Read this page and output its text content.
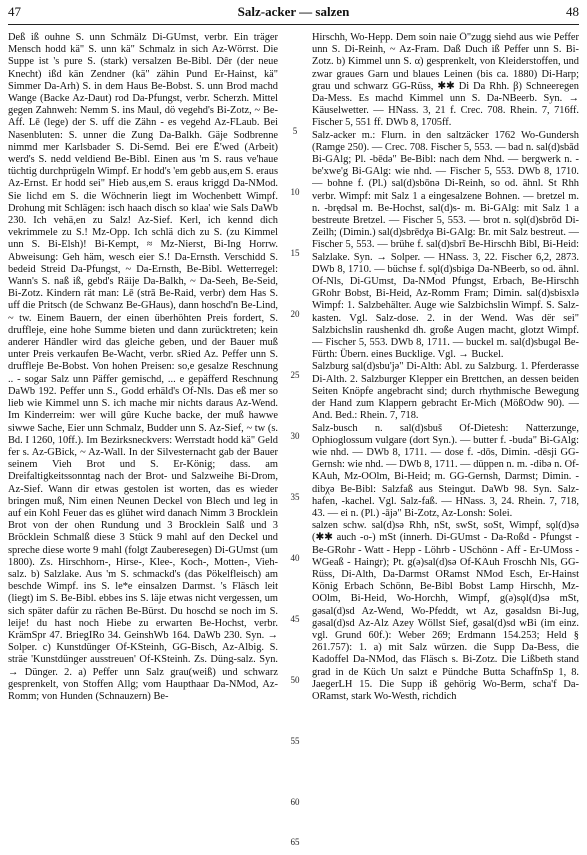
47	Salz-acker — salzen	48

Deß iß ouhne S. unn Schmälz Di-GUmst, verbr. Ein träger Mensch hodd kä" S. unn kä" Schmalz in sich Az-Wörrst. Die Suppe ist 's pure S. (stark) versalzen Be-Bibl. Dêr (der neue Knecht) ißd kän Zendner (kä" zähin Pund Er-Hainst, kä" Simmer Da-Arh) S. in dem Haus Be-Bobst. S. unn Brod machd Wange (Backe Az-Daut) rod Da-Pfungst, verbr. Scherzh. Mittel gegen Zahnweh: Nemm S. ins Maul, dö vegehd's Bi-Zotz, ~ Be-Aff. Lē (lege) der S. uff die Zähn - es vegehd Az-FLaub. Bei Nasenbluten: S. unner die Zung Da-Balkh. Gäje Sodbrenne nimmd mer Karlsbader S. Di-Semd. Bei ere Ē'wed (Arbeit) werd's S. nedd veldiend Be-Bibl. Einen aus 'm S. raus ve'haue tüchtig durchprügeln Wimpf. Er hodd's 'em gebb aus,em S. eraus Az-Ernst. Er hodd sei" Hieb aus,em S. eraus kriggd Da-NMod. Sie lichd em S. die Wöchnerin liegt im Wochenbett Wimpf. Drohung mit Schlägen: isch haach disch so klaa' wie Sals DaWb 230. Ich vehä,en zu Salz! Az-Sief. Kerl, ich kennd dich vekrimmele zu S.! Mz-Opp. Ich schlä dich zu S. (zu Kimmel unn S. Bi-Elsh)! Bi-Kempt, ≈ Mz-Nierst, Bi-Ing Horrw. Abweisung: Geh häm, wesch eier S.! Da-Ernsth. Verschidd S. bedeid Streid Da-Pfungst, ~ Da-Ernsth, Be-Bibl. Wetterregel: Wann's S. naß iß, gebd's Räije Da-Balkh, ~ Da-Seeh, Be-Seid, Bi-Zotz. Kindern rät man: Lē (strā Be-Raid, verbr) dem Has S. uff die Pritsch (de Schwanz Be-GHaus), dann hoschd'n Be-Lind, ~ tw. Einem Bauern, der einen überhöhten Preis fordert, S. druffleje, eine hohe Summe bieten und dann zurücktreten; kein anderer Händler wird das gleiche geben, und der Bauer muß unter Preis verkaufen Be-Wacht, verbr. sRied Az. Peffer unn S. druffleje Be-Bobst. Von hohen Preisen: so,e gesalze Reschnung .. - sogar Salz unn Päffer gemischd, ... e gepäfferd Reschnung DaWb 192. Peffer unn S., Godd erhäld's Of-Nls. Das eß mer so lieb wie Kimmel unn S. ich mache mir nichts daraus Az-Wend. Im Kinderreim: wer will gûre Kuche backe, der muß hawwe siwwe Sache, Eier unn Schmalz, Budder unn S. Az-Sief, ~ tw (s. Bd. I 1260, 10ff.). Im Bezirksneckvers: Werrstadt hodd kä" Geld fer s. Az-GBick, ~ Az-Wall. In der Silvesternacht gab der Bauer seinem Vieh Brot und S. Er-König; dass. am Dreifaltigkeitssonntag nach der Brot- und Salzweihe Bi-Drom, Az-Sief. Wann dir etwas gestolen ist worten, das es wieder bringen muß, Nim einen Neunen Deckel von Blech und leg in auf ein Kohl Feuer das es glühet wird danach Nimm 3 Brocklein Brot von der ohen Rundung und 3 Brocklein Salß und 3 Bröcklein Schmalß diese 3 Stück 9 mahl auf den Deckel und spreche diese worte 9 mahl (folgt Zauberesegen) Di-GUmst (um 1800). Zs. Hirschhorn-, Hirse-, Klee-, Koch-, Motten-, Vieh-salz. b) Salzlake. Aus 'm S. schmackd's (das Pökelfleisch) am beschde Wimpf. ins S. le*e einsalzen Darmst. 's Fläsch leit (liegt) im S. Be-Bibl. ebbes ins S. läje etwas nicht vergessen, um sich später dafür zu rächen Be-Bürst. Du hoschd se noch im S. leije! du hast noch Hiebe zu erwarten Be-Hochst, verbr. KrämSpr 47. BriegIRo 34. GeinshWb 164. DaWb 230. Syn. → Solper. c) Kunstdünger Of-KSteinh, GG-Bisch, Az-Albig. S. sträe 'Kunstdünger ausstreuen' Of-KSteinh. Zs. Düng-salz. Syn. → Dünger. 2. a) Peffer unn Salz grau(weiß) und schwarz gesprenkelt, von Stoffen Allg; vom Haupthaar Da-NMod, Az-Romm; von Hunden (Schnauzern) Be-

5
10
15
20
25
30
35
40
45
50
55
60
65

Hirschh, Wo-Hepp. Dem soin naie Ö"zugg siehd aus wie Peffer unn S. Di-Reinh, ~ Az-Fram. Daß Duch iß Peffer unn S. Bi-Zotz. b) Kimmel unn S. α) gesprenkelt, von Kleiderstoffen, und zwar graues Garn und blaues Leinen (bis ca. 1880) Di-Harp; grau und schwarz GG-Rüss, ✱✱ Di Da Rhh. β) Schneeregen Da-Mess. Es machd Kimmel unn S. Da-NBeerb. Syn. → Käuselwetter. — HNass. 3, 21 f. Crec. 708. Rhein. 7, 716ff. Fischer 5, 551 ff. DWb 8, 1705ff.

Salz-acker m.: Flurn. in den saltzäcker 1762 Wo-Gundersh (Ramge 250). — Crec. 708. Fischer 5, 553. — bad n. sal(d)sbād Bi-GAlg; Pl. -bēdə" Be-Bibl: nach dem Nhd. — bergwerk n. -be'xwe'g Bi-GAlg: wie nhd. — Fischer 5, 553. DWb 8, 1710. — bohne f. (Pl.) sal(d)sbōnə Di-Reinh, so od. ähnl. St Rhh verbr. Wimpf: mit Salz 1 a eingesalzene Bohnen. — bretzel m. n. -brędsəl m. Be-Hochst, sal(d)s- m. Bi-GAlg: mit Salz 1 a bestreute Bretzel. — Fischer 5, 553. — brot n. sǫl(d)sbrōd Di-Zeilh; (Dimin.) sal(d)sbrēdχə Bi-GAlg: Br. mit Salz bestreut. — Fischer 5, 553. — brühe f. sal(d)sbrī Be-Hirschh Bibl, Bi-Heid: Salzlake. Syn. → Solper. — HNass. 3, 22. Fischer 6,2, 2873. DWb 8, 1710. — büchse f. sǫl(d)sbigə Da-NBeerb, so od. ähnl. Of-Nls, Di-GUmst, Da-NMod Pfungst, Erbach, Be-Hirschh GRohr Bobst, Bi-Heid, Az-Romm Fram; Dimin. sal(d)sbisxlə Wimpf: 1. Salzbehälter. Auge wie Salzbichslin Wimpf. S. Salz-kasten. Vgl. Salz-dose. 2. in der Wend. Was dër sei" Salzbichslin raushenkd dh. große Augen macht, glotzt Wimpf. — Fischer 5, 553. DWb 8, 1711. — buckel m. sal(d)sbugəl Be-Fürth: Übern. eines Bucklige. Vgl. → Buckel.

Salzburg sal(d)sbu'jə" Di-Alth: Abl. zu Salzburg. 1. Pferderasse Di-Alth. 2. Salzburger Klepper ein Brettchen, an dessen beiden Seiten Knöpfe angebracht sind; durch rhythmische Bewegung der Hand zum Klappern gebracht Er-Mich (MößOdw 90). — And. Bed.: Rhein. 7, 718.

Salz-busch n. sal(d)sbuš Of-Dietesh: Natterzunge, Ophioglossum vulgare (dort Syn.). — butter f. -buda" Bi-GAlg: wie nhd. — DWb 8, 1711. — dose f. -dōs, Dimin. -dēsji GG-Gernsh: wie nhd. — DWb 8, 1711. — düppen n. m. -dibə n. Of-KAuh, Mz-OOlm, Bi-Heid; m. GG-Gernsh, Darmst; Dimin. -dibχə Be-Bibl: Salzfaß aus Steingut. DaWb 98. Syn. Salz-hafen, -kachel. Vgl. Salz-faß. — HNass. 3, 24. Rhein. 7, 718, 43. — ei n. (Pl.) -ājə" Bi-Zotz, Az-Lonsh: Solei.

salzen schw. sal(d)sə Rhh, nSt, swSt, soSt, Wimpf, sǫl(d)sə (✱✱ auch -o-) mSt (innerh. Di-GUmst - Da-Roßd - Pfungst - Be-GRohr - Watt - Hepp - Löhrb - USchönn - Aff - Er-UMoss - WGeaß - Haingr); Pt. g(ə)sal(d)sə Of-KAuh Froschh Nls, GG-Rüss, Di-Alth, Da-Darmst ORamst NMod Esch, Er-Hainst König Erbach Schönn, Be-Bibl Bobst Lamp Hirschh, Mz-OOlm, Bi-Heid, Wo-Horchh, Wimpf, g(ə)sǫl(d)sə mSt, gəsal(d)sd Az-Wend, Wo-Pfeddt, wt Az, gəsaldsn Bi-Jug, gəsal(d)sd Az-Alz Azey Wöllst Sief, gəsal(d)sd wBi (im einz. vgl. Grund 60f.): Weber 269; Erdmann 154.253; Held § 261.757): 1. a) mit Salz würzen. die Supp Da-Bess, die Kadoffel Da-NMod, das Fläsch s. Bi-Zotz. Die Lißbeth stand grad in de Küch Un salzt e Pündche Butta SchaffnSp 1, 8. JaegerLH 15. Die Supp iß gehörig Wo-Berm, scha'f Da-ORamst, stark Wo-Westh, richdich
